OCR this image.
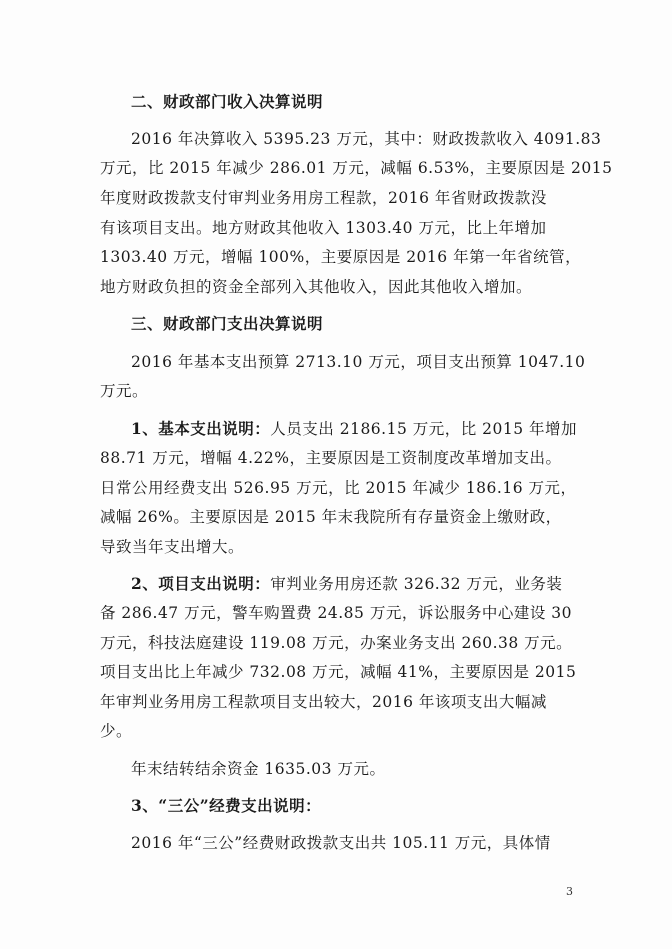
二、财政部门收入决算说明
2016 年决算收入 5395.23 万元，其中：财政拨款收入 4091.83
万元，比 2015 年减少 286.01 万元，减幅 6.53%，主要原因是 2015
年度财政拨款支付审判业务用房工程款，2016 年省财政拨款没
有该项目支出。地方财政其他收入 1303.40 万元，比上年增加
1303.40 万元，增幅 100%，主要原因是 2016 年第一年省统管，
地方财政负担的资金全部列入其他收入，因此其他收入增加。
三、财政部门支出决算说明
2016 年基本支出预算 2713.10 万元，项目支出预算 1047.10
万元。
1、基本支出说明：人员支出 2186.15 万元，比 2015 年增加
88.71 万元，增幅 4.22%，主要原因是工资制度改革增加支出。
日常公用经费支出 526.95 万元，比 2015 年减少 186.16 万元，
减幅 26%。主要原因是 2015 年末我院所有存量资金上缴财政，
导致当年支出增大。
2、项目支出说明：审判业务用房还款 326.32 万元，业务装
备 286.47 万元，警车购置费 24.85 万元，诉讼服务中心建设 30
万元，科技法庭建设 119.08 万元，办案业务支出 260.38 万元。
项目支出比上年减少 732.08 万元，减幅 41%，主要原因是 2015
年审判业务用房工程款项目支出较大，2016 年该项支出大幅减
少。
年末结转结余资金 1635.03 万元。
3、“三公”经费支出说明：
2016 年“三公”经费财政拨款支出共 105.11 万元，具体情
3
